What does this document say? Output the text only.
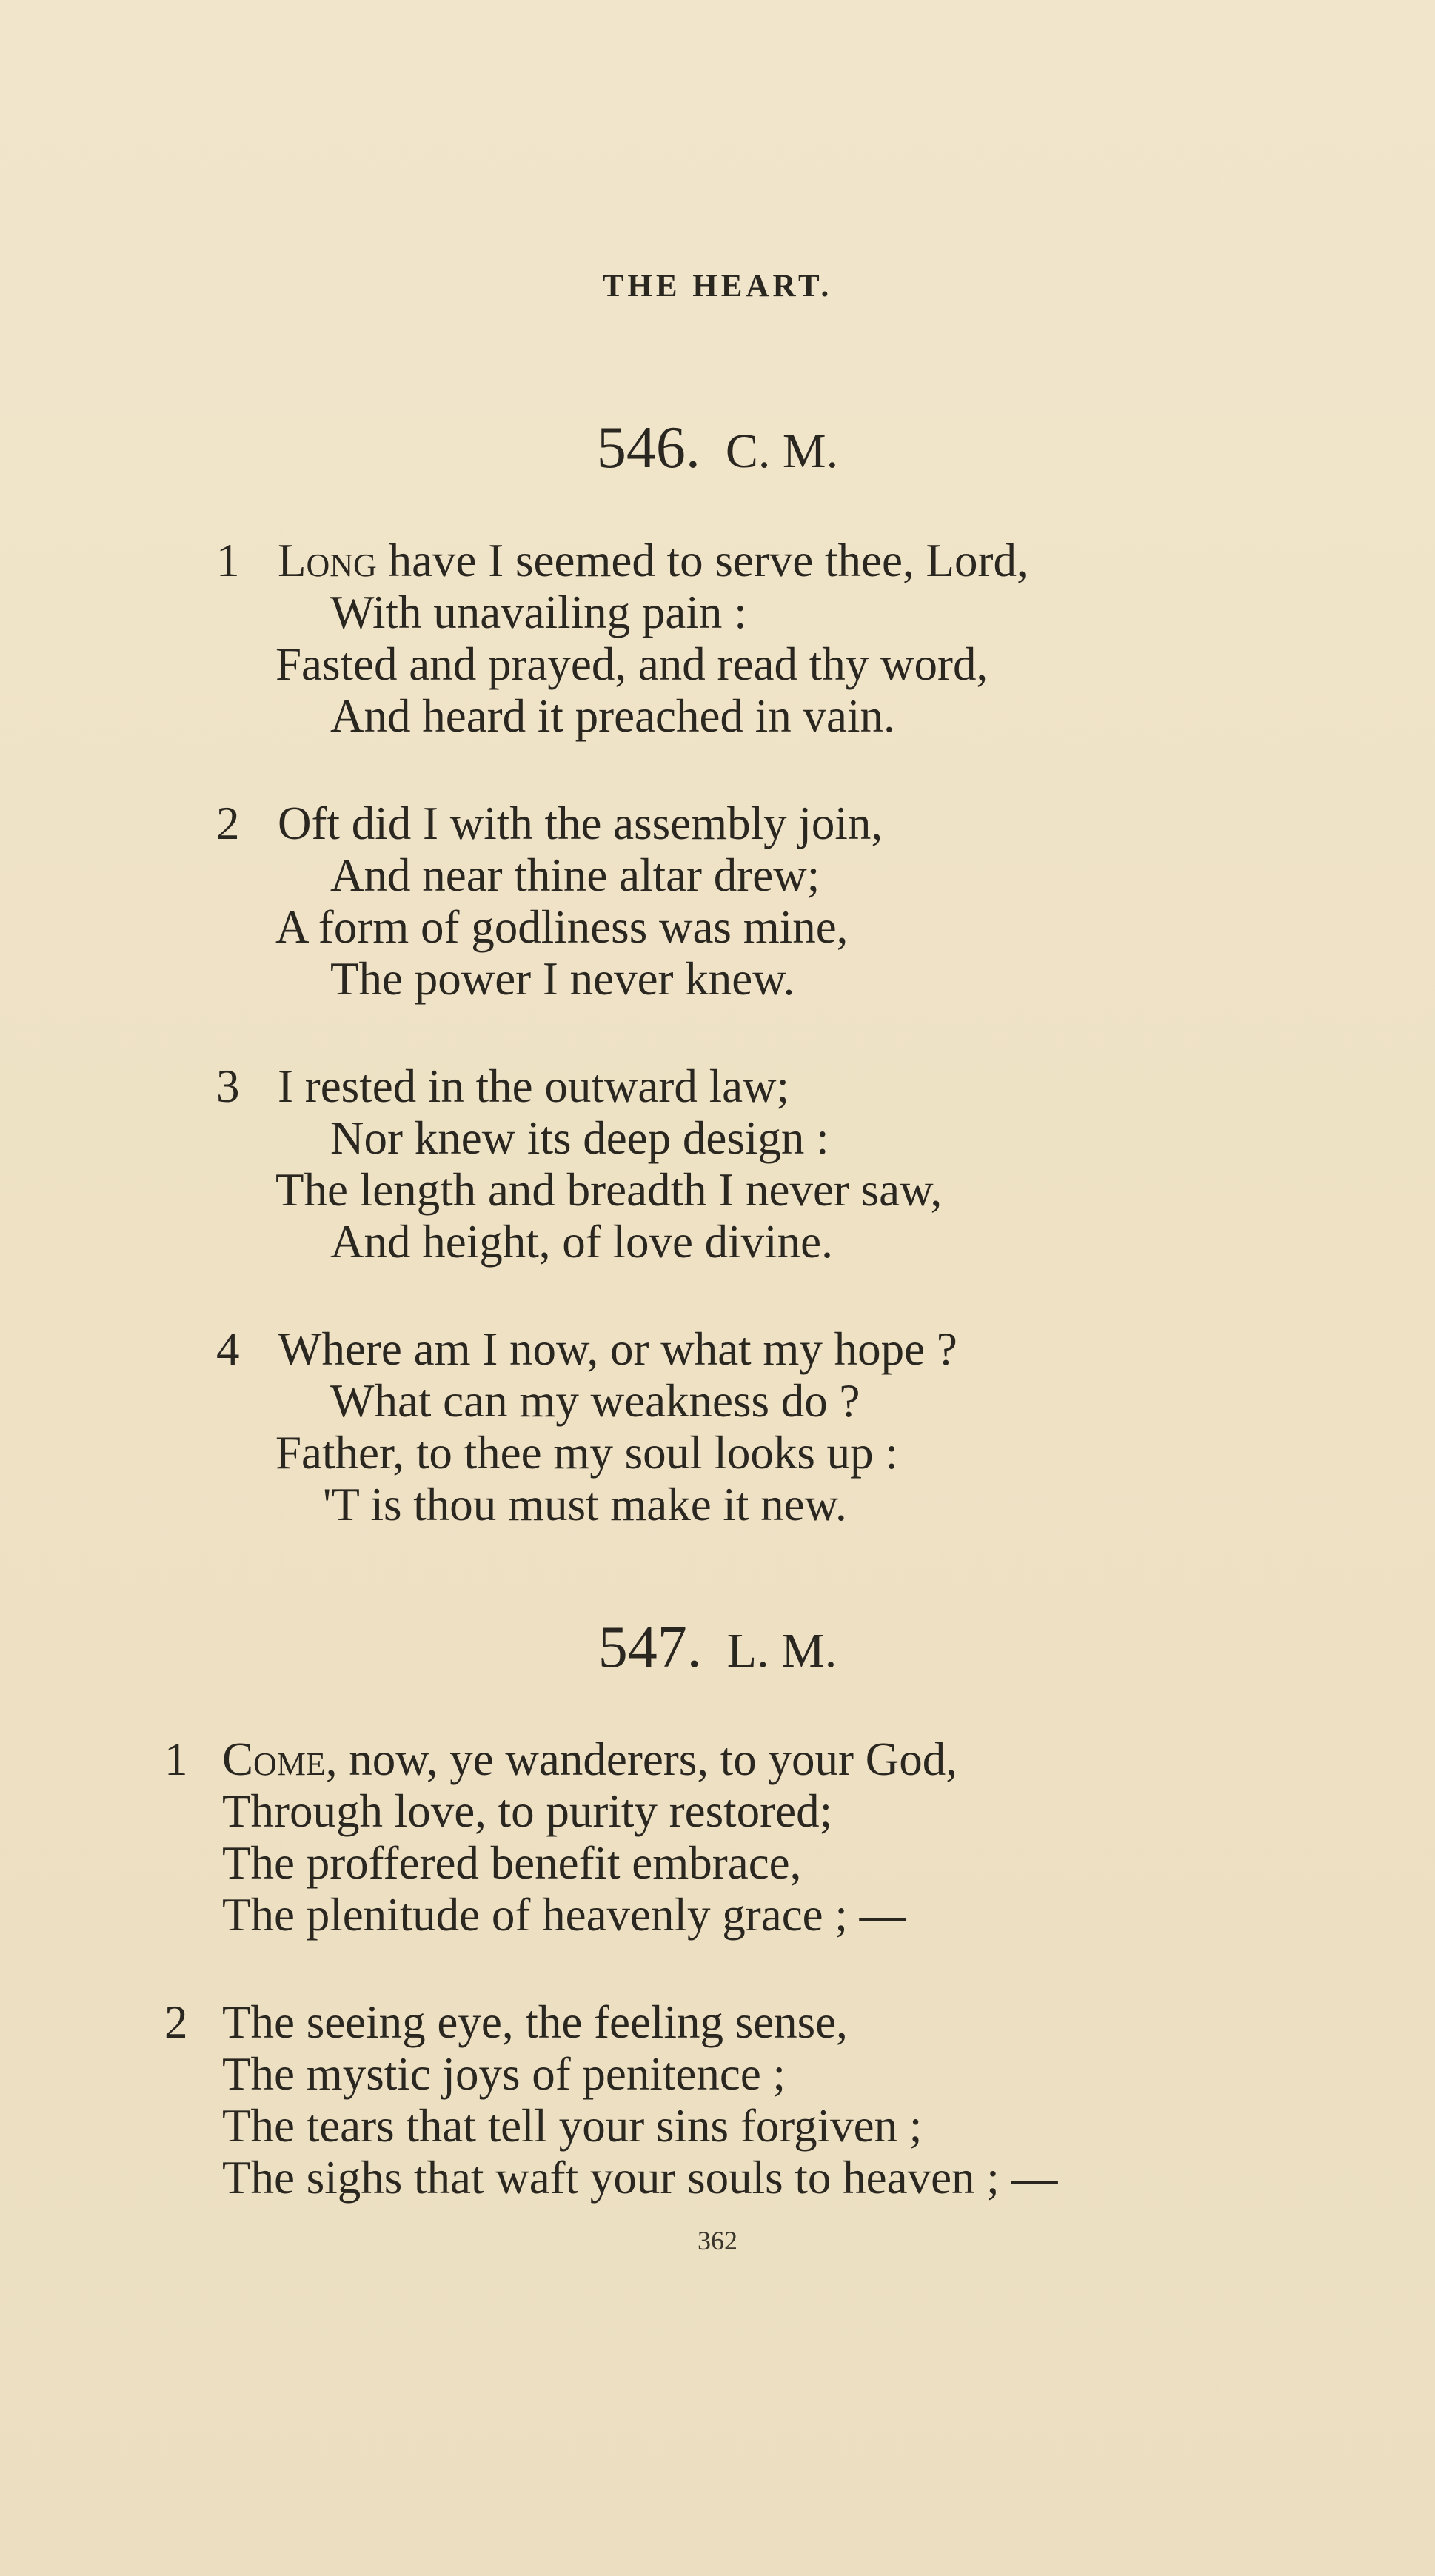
THE HEART.
546. C. M.
1 Long have I seemed to serve thee, Lord,
With unavailing pain :
Fasted and prayed, and read thy word,
And heard it preached in vain.
2 Oft did I with the assembly join,
And near thine altar drew;
A form of godliness was mine,
The power I never knew.
3 I rested in the outward law;
Nor knew its deep design :
The length and breadth I never saw,
And height, of love divine.
4 Where am I now, or what my hope ?
What can my weakness do ?
Father, to thee my soul looks up :
'T is thou must make it new.
547. L. M.
1 Come, now, ye wanderers, to your God,
Through love, to purity restored;
The proffered benefit embrace,
The plenitude of heavenly grace ; —
2 The seeing eye, the feeling sense,
The mystic joys of penitence ;
The tears that tell your sins forgiven ;
The sighs that waft your souls to heaven ; —
362
